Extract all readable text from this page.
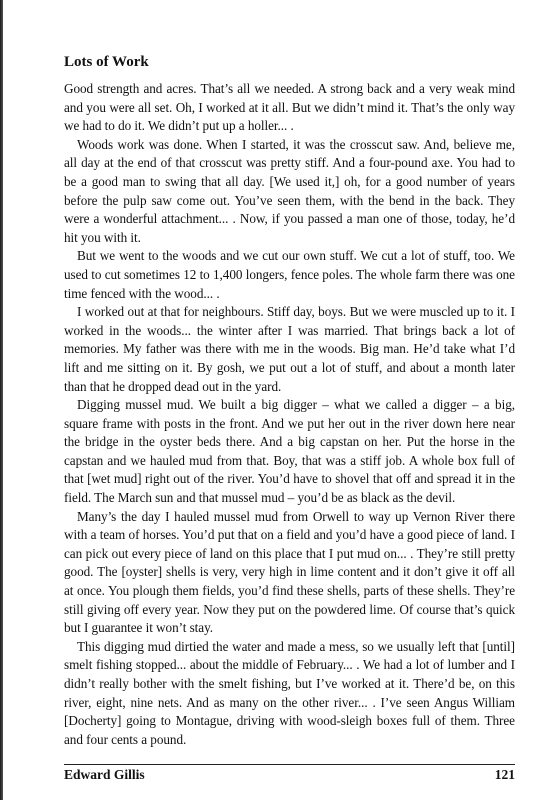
Lots of Work

Good strength and acres. That’s all we needed. A strong back and a very weak mind and you were all set. Oh, I worked at it all. But we didn’t mind it. That’s the only way we had to do it. We didn’t put up a holler... .

Woods work was done. When I started, it was the crosscut saw. And, believe me, all day at the end of that crosscut was pretty stiff. And a four-pound axe. You had to be a good man to swing that all day. [We used it,] oh, for a good number of years before the pulp saw come out. You’ve seen them, with the bend in the back. They were a wonderful attachment... . Now, if you passed a man one of those, today, he’d hit you with it.

But we went to the woods and we cut our own stuff. We cut a lot of stuff, too. We used to cut sometimes 12 to 1,400 longers, fence poles. The whole farm there was one time fenced with the wood... .

I worked out at that for neighbours. Stiff day, boys. But we were muscled up to it. I worked in the woods... the winter after I was married. That brings back a lot of memories. My father was there with me in the woods. Big man. He’d take what I’d lift and me sitting on it. By gosh, we put out a lot of stuff, and about a month later than that he dropped dead out in the yard.

Digging mussel mud. We built a big digger – what we called a digger – a big, square frame with posts in the front. And we put her out in the river down here near the bridge in the oyster beds there. And a big capstan on her. Put the horse in the capstan and we hauled mud from that. Boy, that was a stiff job. A whole box full of that [wet mud] right out of the river. You’d have to shovel that off and spread it in the field. The March sun and that mussel mud – you’d be as black as the devil.

Many’s the day I hauled mussel mud from Orwell to way up Vernon River there with a team of horses. You’d put that on a field and you’d have a good piece of land. I can pick out every piece of land on this place that I put mud on... . They’re still pretty good. The [oyster] shells is very, very high in lime content and it don’t give it off all at once. You plough them fields, you’d find these shells, parts of these shells. They’re still giving off every year. Now they put on the powdered lime. Of course that’s quick but I guarantee it won’t stay.

This digging mud dirtied the water and made a mess, so we usually left that [until] smelt fishing stopped... about the middle of February... . We had a lot of lumber and I didn’t really bother with the smelt fishing, but I’ve worked at it. There’d be, on this river, eight, nine nets. And as many on the other river... . I’ve seen Angus William [Docherty] going to Montague, driving with wood-sleigh boxes full of them. Three and four cents a pound.

Edward Gillis	121
